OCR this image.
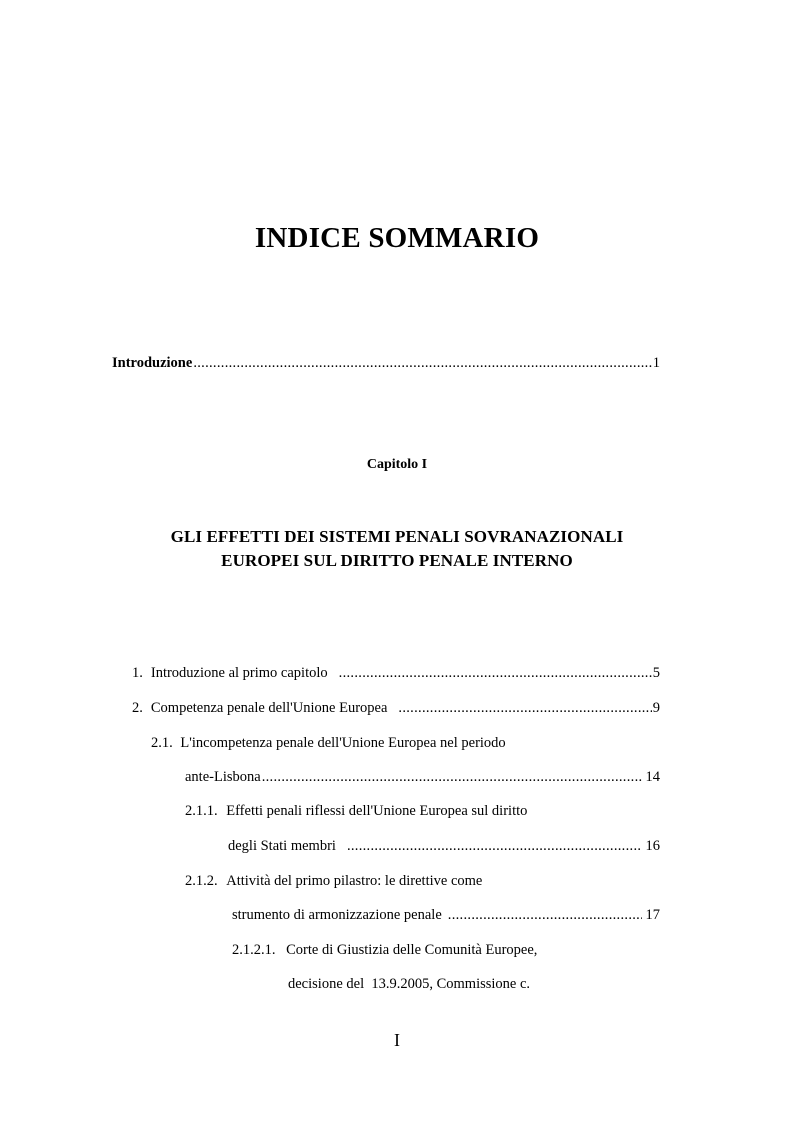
INDICE SOMMARIO
Introduzione .....	1
Capitolo I
GLI EFFETTI DEI SISTEMI PENALI SOVRANAZIONALI
EUROPEI SUL DIRITTO PENALE INTERNO
1. Introduzione al primo capitolo .....	5
2. Competenza penale dell'Unione Europea .....	9
2.1. L'incompetenza penale dell'Unione Europea nel periodo
ante-Lisbona .....	14
2.1.1. Effetti penali riflessi dell'Unione Europea sul diritto
degli Stati membri .....	16
2.1.2. Attività del primo pilastro: le direttive come
strumento di armonizzazione penale .....	17
2.1.2.1. Corte di Giustizia delle Comunità Europee,
decisione del  13.9.2005, Commissione c.
I
